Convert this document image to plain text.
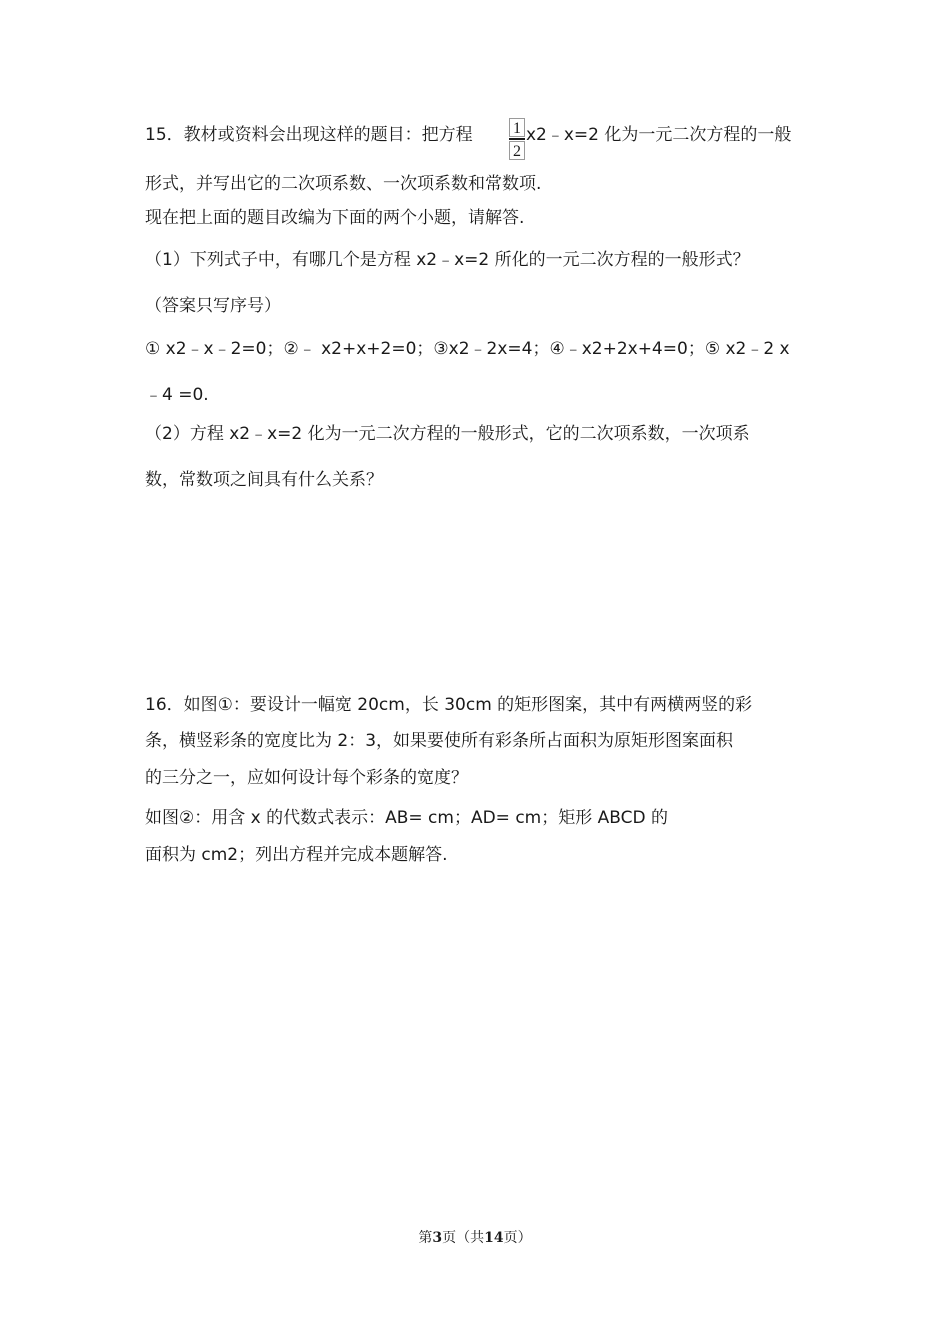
15．教材或资料会出现这样的题目：把方程 $\frac{1}{2}$ x2﹣x=2 化为一元二次方程的一般
形式，并写出它的二次项系数、一次项系数和常数项.
现在把上面的题目改编为下面的两个小题，请解答.
（1）下列式子中，有哪几个是方程 x2﹣x=2 所化的一元二次方程的一般形式？
（答案只写序号）
① x2﹣x﹣2=0；②﹣ x2+x+2=0；③x2﹣2x=4；④﹣x2+2x+4=0；⑤ x2﹣2 x
﹣4 =0.
（2）方程 x2﹣x=2 化为一元二次方程的一般形式，它的二次项系数，一次项系
数，常数项之间具有什么关系？
16．如图①：要设计一幅宽 20cm，长 30cm 的矩形图案，其中有两横两竖的彩
条，横竖彩条的宽度比为 2：3，如果要使所有彩条所占面积为原矩形图案面积
的三分之一，应如何设计每个彩条的宽度？
如图②：用含 x 的代数式表示：AB= cm；AD= cm；矩形 ABCD 的
面积为 cm2；列出方程并完成本题解答.
第3页（共14页）
